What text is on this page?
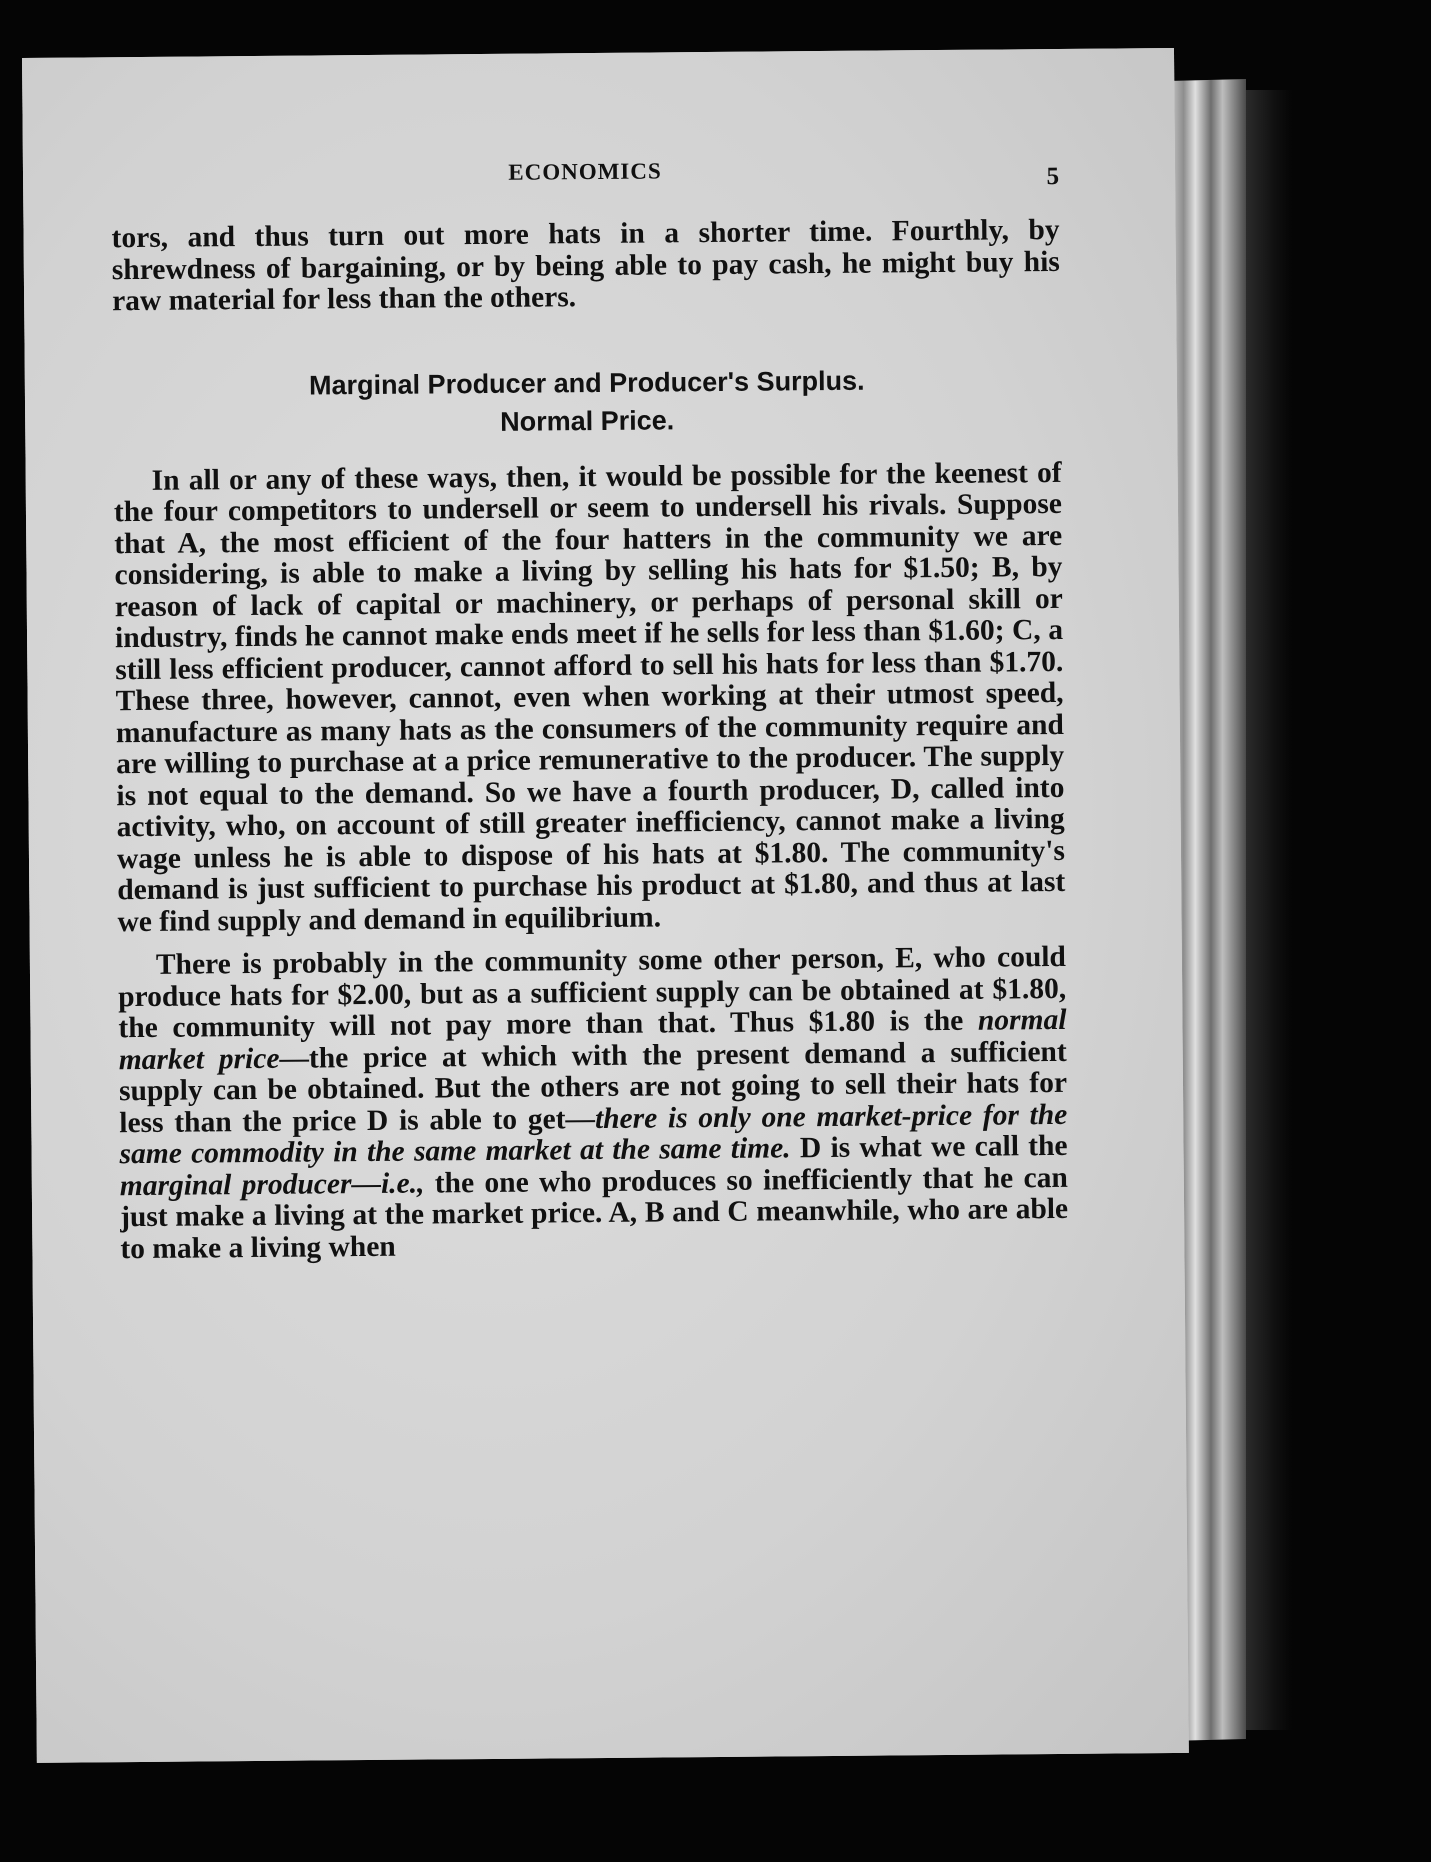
ECONOMICS	5

tors, and thus turn out more hats in a shorter time. Fourthly, by shrewdness of bargaining, or by being able to pay cash, he might buy his raw material for less than the others.

Marginal Producer and Producer's Surplus.
Normal Price.

In all or any of these ways, then, it would be possible for the keenest of the four competitors to undersell or seem to undersell his rivals. Suppose that A, the most efficient of the four hatters in the community we are considering, is able to make a living by selling his hats for $1.50; B, by reason of lack of capital or machinery, or perhaps of personal skill or industry, finds he cannot make ends meet if he sells for less than $1.60; C, a still less efficient producer, cannot afford to sell his hats for less than $1.70. These three, however, cannot, even when working at their utmost speed, manufacture as many hats as the consumers of the community require and are willing to purchase at a price remunerative to the producer. The supply is not equal to the demand. So we have a fourth producer, D, called into activity, who, on account of still greater inefficiency, cannot make a living wage unless he is able to dispose of his hats at $1.80. The community's demand is just sufficient to purchase his product at $1.80, and thus at last we find supply and demand in equilibrium.

There is probably in the community some other person, E, who could produce hats for $2.00, but as a sufficient supply can be obtained at $1.80, the community will not pay more than that. Thus $1.80 is the normal market price—the price at which with the present demand a sufficient supply can be obtained. But the others are not going to sell their hats for less than the price D is able to get—there is only one market-price for the same commodity in the same market at the same time. D is what we call the marginal producer—i.e., the one who produces so inefficiently that he can just make a living at the market price. A, B and C meanwhile, who are able to make a living when
